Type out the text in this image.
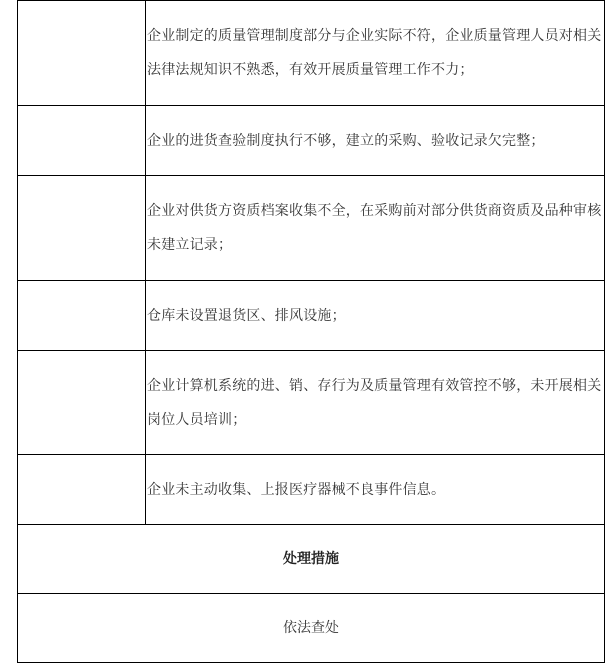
	企业制定的质量管理制度部分与企业实际不符，企业质量管理人员对相关法律法规知识不熟悉，有效开展质量管理工作不力；
	企业的进货查验制度执行不够，建立的采购、验收记录欠完整；
	企业对供货方资质档案收集不全，在采购前对部分供货商资质及品种审核未建立记录；
	仓库未设置退货区、排风设施；
	企业计算机系统的进、销、存行为及质量管理有效管控不够，未开展相关岗位人员培训；
	企业未主动收集、上报医疗器械不良事件信息。
处理措施	
依法查处	
